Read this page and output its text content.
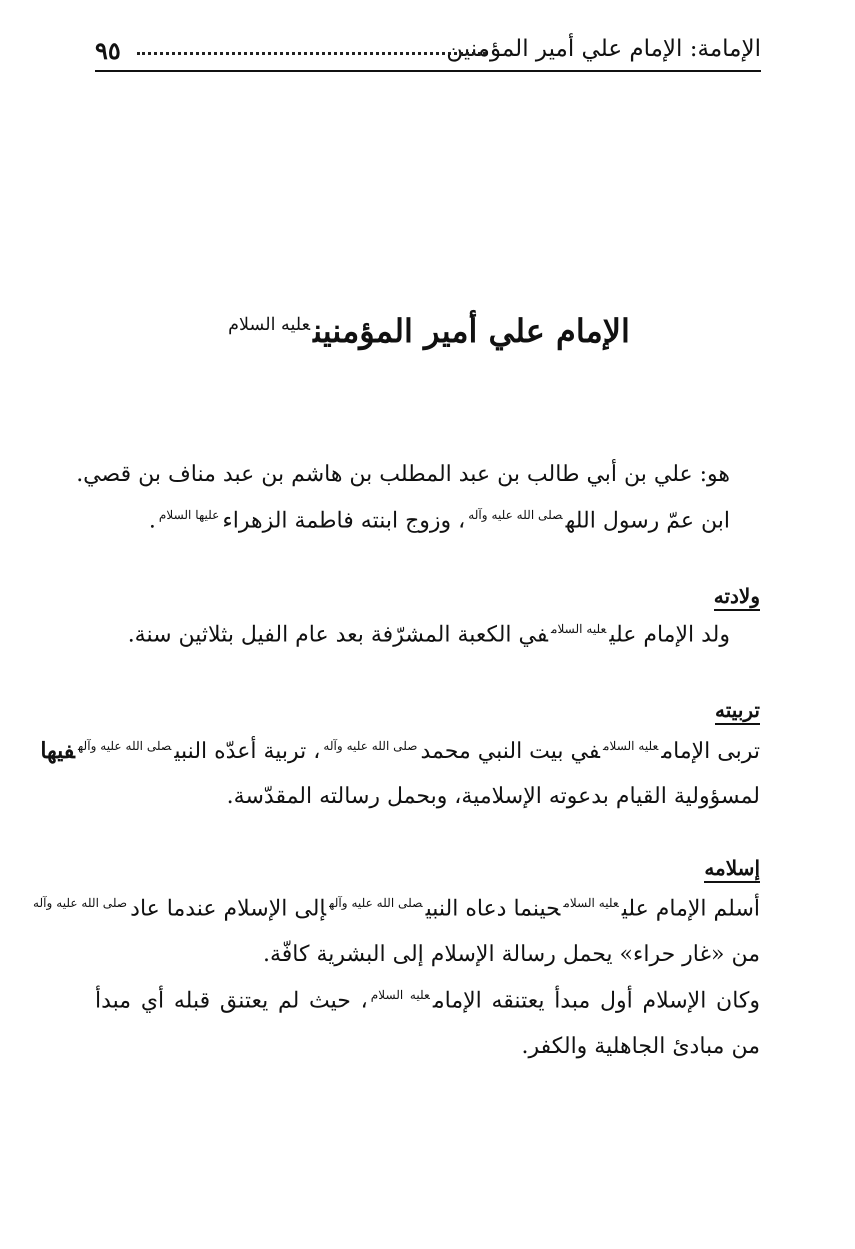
الإمامة: الإمام علي أمير المؤمنين
٩٥
الإمام علي أمير المؤمنين$^{عليه السلام}$
هو: علي بن أبي طالب بن عبد المطلب بن هاشم بن عبد مناف بن قصي.
ابن عمّ رسول الله$^{صلى الله عليه وآله}$، وزوج ابنته فاطمة الزهراء$^{عليها السلام}$.
ولادته
ولد الإمام علي$^{عليه السلام}$في الكعبة المشرّفة بعد عام الفيل بثلاثين سنة.
تربيته
تربى الإمام$^{عليه السلام}$في بيت النبي محمد$^{صلى الله عليه وآله}$، تربية أعدّه النبي$^{صلى الله عليه وآله}$فيها
لمسؤولية القيام بدعوته الإسلامية، وبحمل رسالته المقدّسة.
إسلامه
أسلم الإمام علي$^{عليه السلام}$حينما دعاه النبي$^{صلى الله عليه وآله}$إلى الإسلام عندما عاد$^{صلى الله عليه وآله}$
من «غار حراء» يحمل رسالة الإسلام إلى البشرية كافّة.
وكان الإسلام أول مبدأ يعتنقه الإمام$^{عليه السلام}$، حيث لم يعتنق قبله أي مبدأ
من مبادئ الجاهلية والكفر.
